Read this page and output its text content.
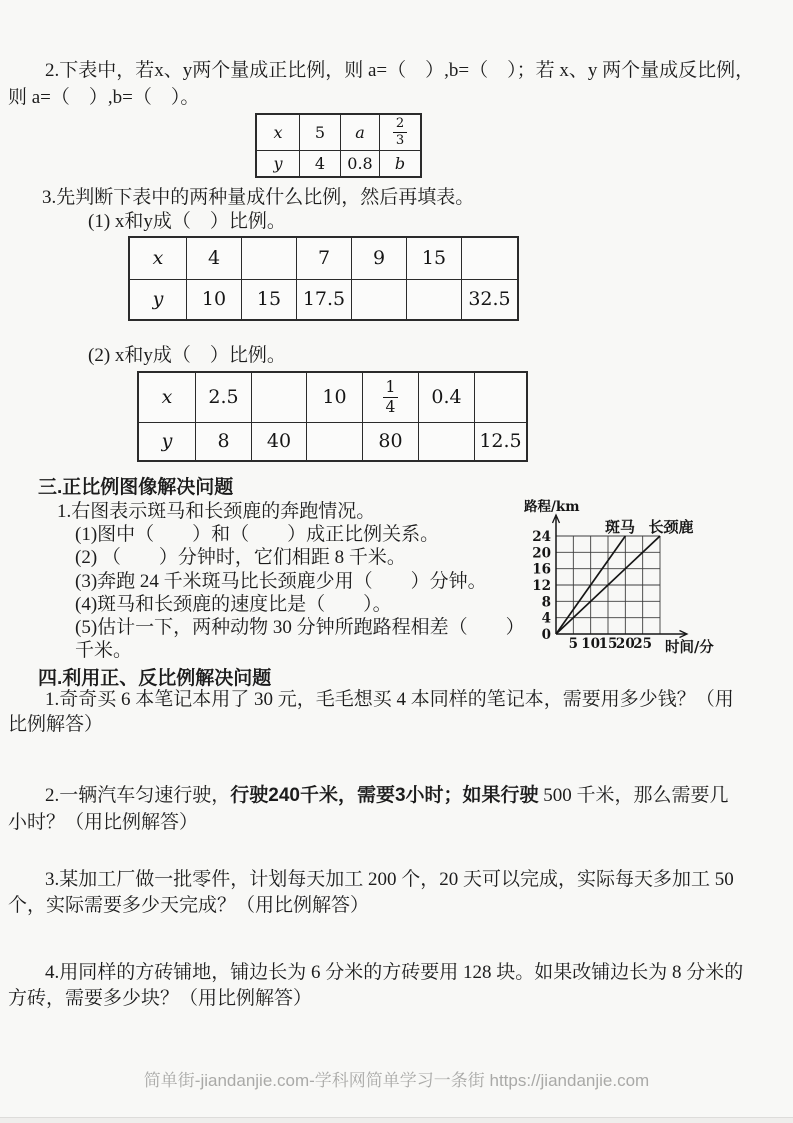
2.下表中，若x、y两个量成正比例，则 a=（　）,b=（　）；若 x、y 两个量成反比例，
则 a=（　）,b=（　）。
x	5	a	$\frac{2}{3}$

y	4	0.8	b
3.先判断下表中的两种量成什么比例，然后再填表。
(1) x和y成（　）比例。
x	4		7	9	15	
y	10	15	17.5			32.5
(2) x和y成（　）比例。
x	2.5		10	$\frac{1}{4}$	0.4	
y	8	40		80		12.5
三.正比例图像解决问题
1.右图表示斑马和长颈鹿的奔跑情况。
(1)图中（　　）和（　　）成正比例关系。
(2) （　　）分钟时，它们相距 8 千米。
(3)奔跑 24 千米斑马比长颈鹿少用（　　）分钟。
(4)斑马和长颈鹿的速度比是（　　）。
(5)估计一下，两种动物 30 分钟所跑路程相差（　　）千米。
0
4
8
12
16
20
24
5 10
15
20
25
路程/km
时间/分
斑马 长颈鹿
四.利用正、反比例解决问题
1.奇奇买 6 本笔记本用了 30 元，毛毛想买 4 本同样的笔记本，需要用多少钱？（用
比例解答）
2.一辆汽车匀速行驶，行驶240千米，需要3小时；如果行驶 500 千米，那么需要几
小时？（用比例解答）
3.某加工厂做一批零件，计划每天加工 200 个，20 天可以完成，实际每天多加工 50
个，实际需要多少天完成？（用比例解答）
4.用同样的方砖铺地，铺边长为 6 分米的方砖要用 128 块。如果改铺边长为 8 分米的
方砖，需要多少块？（用比例解答）
简单街-jiandanjie.com-学科网简单学习一条街 https://jiandanjie.com
